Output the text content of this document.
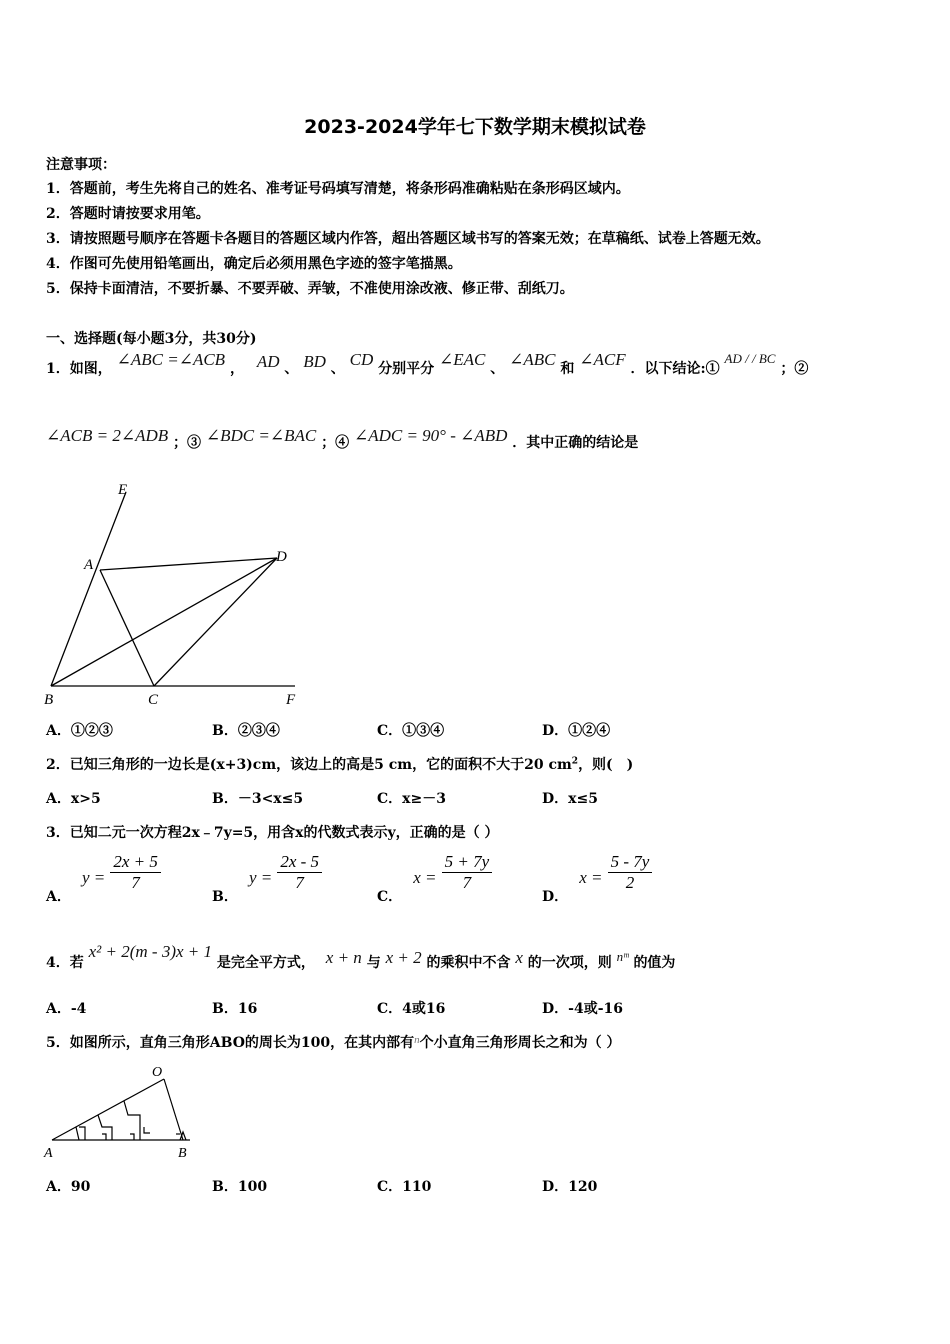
2023-2024学年七下数学期末模拟试卷
注意事项：
1．答题前，考生先将自己的姓名、准考证号码填写清楚，将条形码准确粘贴在条形码区域内。
2．答题时请按要求用笔。
3．请按照题号顺序在答题卡各题目的答题区域内作答，超出答题区域书写的答案无效；在草稿纸、试卷上答题无效。
4．作图可先使用铅笔画出，确定后必须用黑色字迹的签字笔描黑。
5．保持卡面清洁，不要折暴、不要弄破、弄皱，不准使用涂改液、修正带、刮纸刀。
一、选择题(每小题3分，共30分)
1．如图， ∠ABC =∠ACB ， AD 、 BD 、 CD 分别平分 ∠EAC 、 ∠ABC 和 ∠ACF ．以下结论:① AD / / BC ；②
∠ACB = 2∠ADB ；③ ∠BDC =∠BAC ；④ ∠ADC = 90° - ∠ABD ．其中正确的结论是
E
A	D
B	C	F
A．①②③	B．②③④	C．①③④	D．①②④
2．已知三角形的一边长是(x+3)cm，该边上的高是5 cm，它的面积不大于20 $cm^2$，则(　)
A．x>5	B．－3<x≤5	C．x≥－3	D．x≤5
3．已知二元一次方程2x﹣7y=5，用含x的代数式表示y，正确的是（ ）
A． $y = \frac{2x + 5}{7}$
B． $y = \frac{2x - 5}{7}$
C． $x = \frac{5 + 7y}{7}$
D． $x = \frac{5 - 7y}{2}$
4．若 x² + 2(m - 3)x + 1 是完全平方式， x + n 与 x + 2 的乘积中不含 x 的一次项，则 nᵐ 的值为
A．-4	B．16	C．4或16	D．-4或-16
5．如图所示，直角三角形ABO的周长为100，在其内部有$^n$个小直角三角形周长之和为（ ）
O
A	B
A．90	B．100	C．110	D．120
